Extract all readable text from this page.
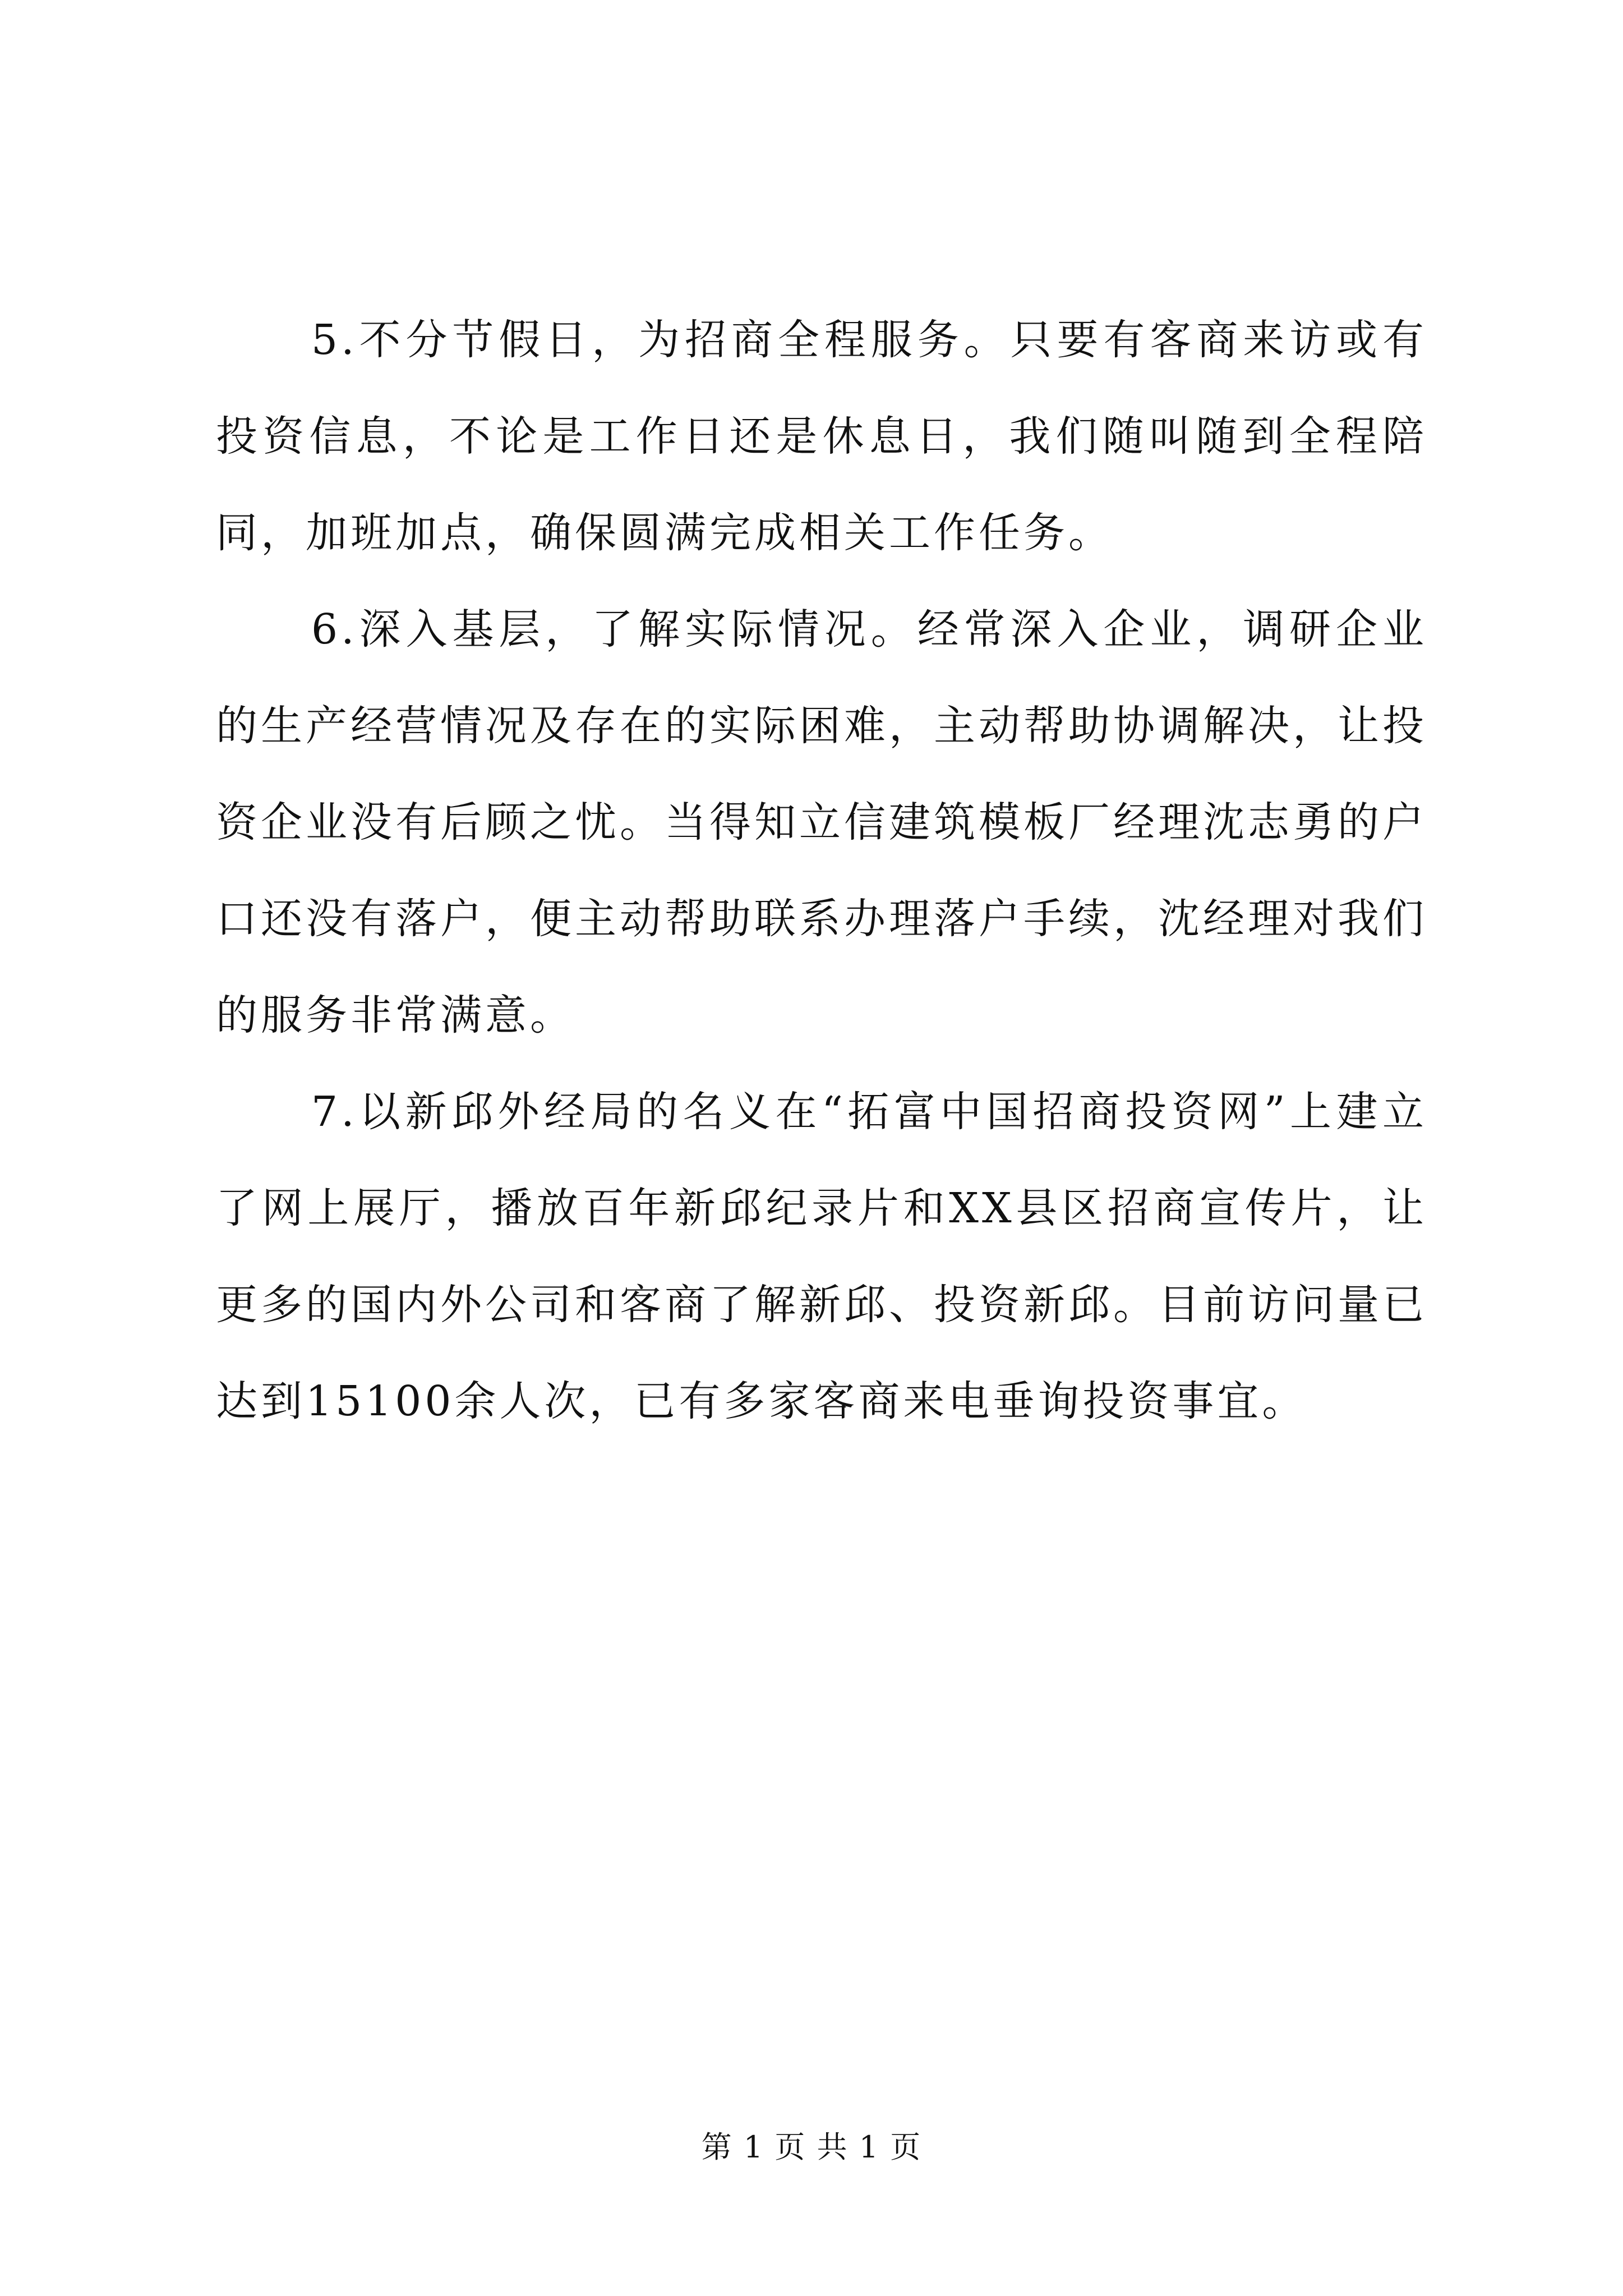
5.不分节假日，为招商全程服务。只要有客商来访或有投资信息，不论是工作日还是休息日，我们随叫随到全程陪同，加班加点，确保圆满完成相关工作任务。

6.深入基层，了解实际情况。经常深入企业，调研企业的生产经营情况及存在的实际困难，主动帮助协调解决，让投资企业没有后顾之忧。当得知立信建筑模板厂经理沈志勇的户口还没有落户，便主动帮助联系办理落户手续，沈经理对我们的服务非常满意。

7.以新邱外经局的名义在“拓富中国招商投资网”上建立了网上展厅，播放百年新邱纪录片和XX县区招商宣传片，让更多的国内外公司和客商了解新邱、投资新邱。目前访问量已达到15100余人次，已有多家客商来电垂询投资事宜。

第 1 页 共 1 页
